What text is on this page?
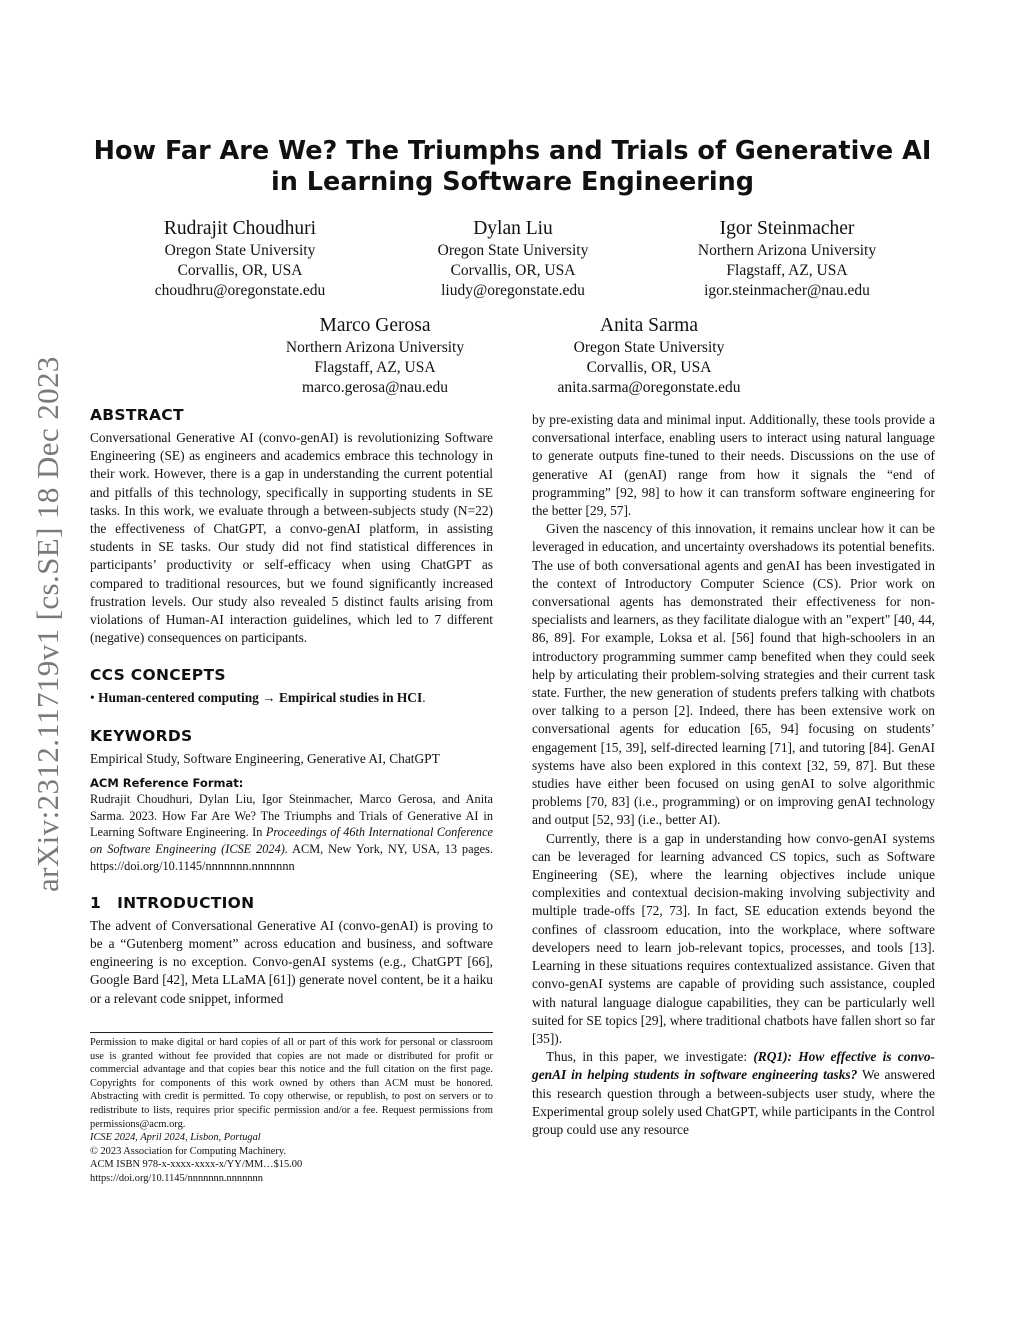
arXiv:2312.11719v1 [cs.SE] 18 Dec 2023
How Far Are We? The Triumphs and Trials of Generative AI in Learning Software Engineering
Rudrajit Choudhuri
Oregon State University
Corvallis, OR, USA
choudhru@oregonstate.edu
Dylan Liu
Oregon State University
Corvallis, OR, USA
liudy@oregonstate.edu
Igor Steinmacher
Northern Arizona University
Flagstaff, AZ, USA
igor.steinmacher@nau.edu
Marco Gerosa
Northern Arizona University
Flagstaff, AZ, USA
marco.gerosa@nau.edu
Anita Sarma
Oregon State University
Corvallis, OR, USA
anita.sarma@oregonstate.edu
ABSTRACT

Conversational Generative AI (convo-genAI) is revolutionizing Software Engineering (SE) as engineers and academics embrace this technology in their work. However, there is a gap in understanding the current potential and pitfalls of this technology, specifically in supporting students in SE tasks. In this work, we evaluate through a between-subjects study (N=22) the effectiveness of ChatGPT, a convo-genAI platform, in assisting students in SE tasks. Our study did not find statistical differences in participants’ productivity or self-efficacy when using ChatGPT as compared to traditional resources, but we found significantly increased frustration levels. Our study also revealed 5 distinct faults arising from violations of Human-AI interaction guidelines, which led to 7 different (negative) consequences on participants.

CCS CONCEPTS

• Human-centered computing → Empirical studies in HCI.

KEYWORDS

Empirical Study, Software Engineering, Generative AI, ChatGPT

ACM Reference Format:

Rudrajit Choudhuri, Dylan Liu, Igor Steinmacher, Marco Gerosa, and Anita Sarma. 2023. How Far Are We? The Triumphs and Trials of Generative AI in Learning Software Engineering. In Proceedings of 46th International Conference on Software Engineering (ICSE 2024). ACM, New York, NY, USA, 13 pages. https://doi.org/10.1145/nnnnnnn.nnnnnnn

1 INTRODUCTION

The advent of Conversational Generative AI (convo-genAI) is proving to be a “Gutenberg moment” across education and business, and software engineering is no exception. Convo-genAI systems (e.g., ChatGPT [66], Google Bard [42], Meta LLaMA [61]) generate novel content, be it a haiku or a relevant code snippet, informed

Permission to make digital or hard copies of all or part of this work for personal or classroom use is granted without fee provided that copies are not made or distributed for profit or commercial advantage and that copies bear this notice and the full citation on the first page. Copyrights for components of this work owned by others than ACM must be honored. Abstracting with credit is permitted. To copy otherwise, or republish, to post on servers or to redistribute to lists, requires prior specific permission and/or a fee. Request permissions from permissions@acm.org.

ICSE 2024, April 2024, Lisbon, Portugal

© 2023 Association for Computing Machinery.

ACM ISBN 978-x-xxxx-xxxx-x/YY/MM…$15.00

https://doi.org/10.1145/nnnnnnn.nnnnnnn

by pre-existing data and minimal input. Additionally, these tools provide a conversational interface, enabling users to interact using natural language to generate outputs fine-tuned to their needs. Discussions on the use of generative AI (genAI) range from how it signals the “end of programming” [92, 98] to how it can transform software engineering for the better [29, 57].

Given the nascency of this innovation, it remains unclear how it can be leveraged in education, and uncertainty overshadows its potential benefits. The use of both conversational agents and genAI has been investigated in the context of Introductory Computer Science (CS). Prior work on conversational agents has demonstrated their effectiveness for non-specialists and learners, as they facilitate dialogue with an "expert" [40, 44, 86, 89]. For example, Loksa et al. [56] found that high-schoolers in an introductory programming summer camp benefited when they could seek help by articulating their problem-solving strategies and their current task state. Further, the new generation of students prefers talking with chatbots over talking to a person [2]. Indeed, there has been extensive work on conversational agents for education [65, 94] focusing on students’ engagement [15, 39], self-directed learning [71], and tutoring [84]. GenAI systems have also been explored in this context [32, 59, 87]. But these studies have either been focused on using genAI to solve algorithmic problems [70, 83] (i.e., programming) or on improving genAI technology and output [52, 93] (i.e., better AI).

Currently, there is a gap in understanding how convo-genAI systems can be leveraged for learning advanced CS topics, such as Software Engineering (SE), where the learning objectives include unique complexities and contextual decision-making involving subjectivity and multiple trade-offs [72, 73]. In fact, SE education extends beyond the confines of classroom education, into the workplace, where software developers need to learn job-relevant topics, processes, and tools [13]. Learning in these situations requires contextualized assistance. Given that convo-genAI systems are capable of providing such assistance, coupled with natural language dialogue capabilities, they can be particularly well suited for SE topics [29], where traditional chatbots have fallen short so far [35]).

Thus, in this paper, we investigate: (RQ1): How effective is convo-genAI in helping students in software engineering tasks? We answered this research question through a between-subjects user study, where the Experimental group solely used ChatGPT, while participants in the Control group could use any resource
